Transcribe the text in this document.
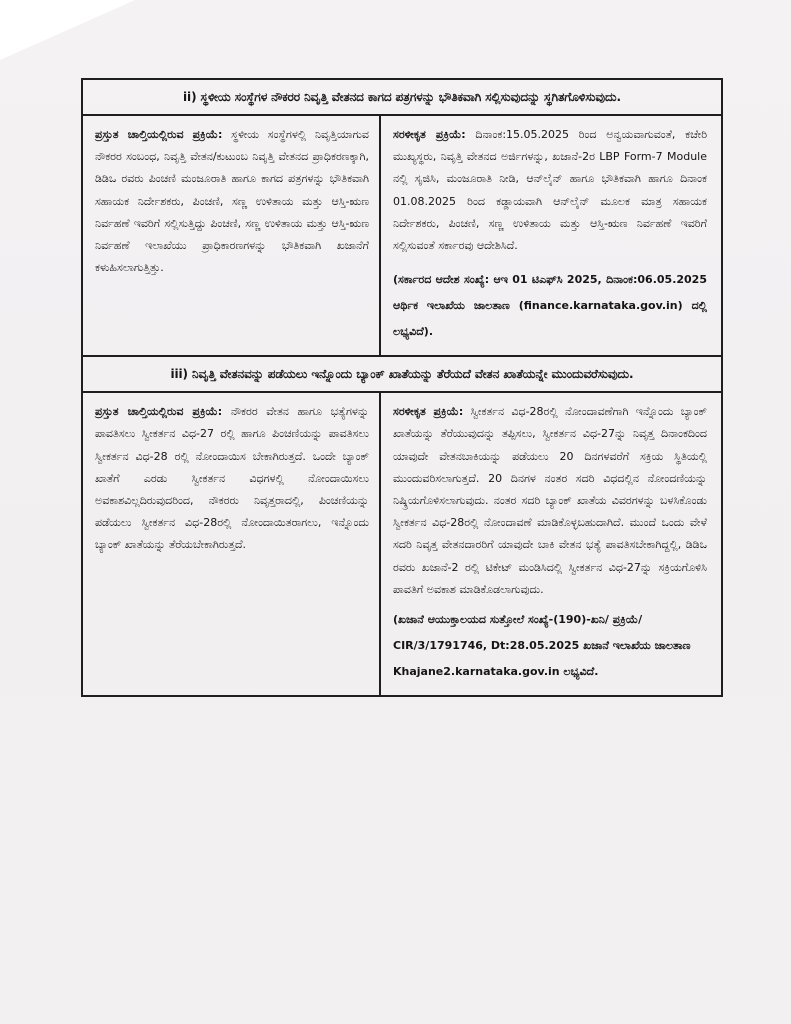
ii) ಸ್ಥಳೀಯ ಸಂಸ್ಥೆಗಳ ನೌಕರರ ನಿವೃತ್ತಿ ವೇತನದ ಕಾಗದ ಪತ್ರಗಳನ್ನು ಭೌತಿಕವಾಗಿ ಸಲ್ಲಿಸುವುದನ್ನು ಸ್ಥಗಿತಗೊಳಿಸುವುದು.
ಪ್ರಸ್ತುತ ಚಾಲ್ತಿಯಲ್ಲಿರುವ ಪ್ರಕ್ರಿಯೆ: ಸ್ಥಳೀಯ ಸಂಸ್ಥೆಗಳಲ್ಲಿ ನಿವೃತ್ತಿಯಾಗುವ ನೌಕರರ ಸಂಬಂಧ, ನಿವೃತ್ತಿ ವೇತನ/ಕುಟುಂಬ ನಿವೃತ್ತಿ ವೇತನದ ಪ್ರಾಧಿಕರಣಕ್ಕಾಗಿ, ಡಿಡಿಒ ರವರು ಪಿಂಚಣಿ ಮಂಜೂರಾತಿ ಹಾಗೂ ಕಾಗದ ಪತ್ರಗಳನ್ನು ಭೌತಿಕವಾಗಿ ಸಹಾಯಕ ನಿರ್ದೇಶಕರು, ಪಿಂಚಣಿ, ಸಣ್ಣ ಉಳಿತಾಯ ಮತ್ತು ಆಸ್ತಿ-ಋಣ ನಿರ್ವಹಣೆ ಇವರಿಗೆ ಸಲ್ಲಿಸುತ್ತಿದ್ದು ಪಿಂಚಣಿ, ಸಣ್ಣ ಉಳಿತಾಯ ಮತ್ತು ಆಸ್ತಿ-ಋಣ ನಿರ್ವಹಣೆ ಇಲಾಖೆಯು ಪ್ರಾಧಿಕಾರಣಗಳನ್ನು ಭೌತಿಕವಾಗಿ ಖಜಾನೆಗೆ ಕಳುಹಿಸಲಾಗುತ್ತಿತ್ತು.
ಸರಳೀಕೃತ ಪ್ರಕ್ರಿಯೆ: ದಿನಾಂಕ:15.05.2025 ರಿಂದ ಅನ್ವಯವಾಗುವಂತೆ, ಕಚೇರಿ ಮುಖ್ಯಸ್ಥರು, ನಿವೃತ್ತಿ ವೇತನದ ಅರ್ಜಿಗಳನ್ನು, ಖಜಾನೆ-2ರ LBP Form-7 Module ನಲ್ಲಿ ಸೃಜಿಸಿ, ಮಂಜೂರಾತಿ ನೀಡಿ, ಆನ್‌ಲೈನ್ ಹಾಗೂ ಭೌತಿಕವಾಗಿ ಹಾಗೂ ದಿನಾಂಕ 01.08.2025 ರಿಂದ ಕಡ್ಡಾಯವಾಗಿ ಆನ್‌ಲೈನ್ ಮೂಲಕ ಮಾತ್ರ ಸಹಾಯಕ ನಿರ್ದೇಶಕರು, ಪಿಂಚಣಿ, ಸಣ್ಣ ಉಳಿತಾಯ ಮತ್ತು ಆಸ್ತಿ-ಋಣ ನಿರ್ವಹಣೆ ಇವರಿಗೆ ಸಲ್ಲಿಸುವಂತೆ ಸರ್ಕಾರವು ಆದೇಶಿಸಿದೆ.
(ಸರ್ಕಾರದ ಆದೇಶ ಸಂಖ್ಯೆ: ಆಇ 01 ಟಿಎಫ್‌ಸಿ 2025, ದಿನಾಂಕ:06.05.2025 ಆರ್ಥಿಕ ಇಲಾಖೆಯ ಜಾಲತಾಣ (finance.karnataka.gov.in) ದಲ್ಲಿ ಲಭ್ಯವಿದೆ).
iii) ನಿವೃತ್ತಿ ವೇತನವನ್ನು ಪಡೆಯಲು ಇನ್ನೊಂದು ಬ್ಯಾಂಕ್ ಖಾತೆಯನ್ನು ತೆರೆಯದೆ ವೇತನ ಖಾತೆಯನ್ನೇ ಮುಂದುವರೆಸುವುದು.
ಪ್ರಸ್ತುತ ಚಾಲ್ತಿಯಲ್ಲಿರುವ ಪ್ರಕ್ರಿಯೆ: ನೌಕರರ ವೇತನ ಹಾಗೂ ಭತ್ಯೆಗಳನ್ನು ಪಾವತಿಸಲು ಸ್ವೀಕರ್ತನ ವಿಧ-27 ರಲ್ಲಿ ಹಾಗೂ ಪಿಂಚಣಿಯನ್ನು ಪಾವತಿಸಲು ಸ್ವೀಕರ್ತನ ವಿಧ-28 ರಲ್ಲಿ ನೋಂದಾಯಿಸ ಬೇಕಾಗಿರುತ್ತದೆ. ಒಂದೇ ಬ್ಯಾಂಕ್ ಖಾತೆಗೆ ಎರಡು ಸ್ವೀಕರ್ತನ ವಿಧಗಳಲ್ಲಿ ನೋಂದಾಯಿಸಲು ಅವಕಾಶವಿಲ್ಲದಿರುವುದರಿಂದ, ನೌಕರರು ನಿವೃತ್ತರಾದಲ್ಲಿ, ಪಿಂಚಣಿಯನ್ನು ಪಡೆಯಲು ಸ್ವೀಕರ್ತನ ವಿಧ-28ರಲ್ಲಿ ನೋಂದಾಯಿತರಾಗಲು, ಇನ್ನೊಂದು ಬ್ಯಾಂಕ್ ಖಾತೆಯನ್ನು ತೆರೆಯಬೇಕಾಗಿರುತ್ತದೆ.
ಸರಳೀಕೃತ ಪ್ರಕ್ರಿಯೆ: ಸ್ವೀಕರ್ತನ ವಿಧ-28ರಲ್ಲಿ ನೋಂದಾವಣೆಗಾಗಿ ಇನ್ನೊಂದು ಬ್ಯಾಂಕ್ ಖಾತೆಯನ್ನು ತೆರೆಯುವುದನ್ನು ತಪ್ಪಿಸಲು, ಸ್ವೀಕರ್ತನ ವಿಧ-27ನ್ನು ನಿವೃತ್ತ ದಿನಾಂಕದಿಂದ ಯಾವುದೇ ವೇತನಬಾಕಿಯನ್ನು ಪಡೆಯಲು 20 ದಿನಗಳವರೆಗೆ ಸಕ್ರಿಯ ಸ್ಥಿತಿಯಲ್ಲಿ ಮುಂದುವರಿಸಲಾಗುತ್ತದೆ. 20 ದಿನಗಳ ನಂತರ ಸದರಿ ವಿಧದಲ್ಲಿನ ನೋಂದಣಿಯನ್ನು ನಿಷ್ಕ್ರಿಯಗೊಳಿಸಲಾಗುವುದು. ನಂತರ ಸದರಿ ಬ್ಯಾಂಕ್ ಖಾತೆಯ ವಿವರಗಳನ್ನು ಬಳಸಿಕೊಂಡು ಸ್ವೀಕರ್ತನ ವಿಧ-28ರಲ್ಲಿ ನೋಂದಾವಣೆ ಮಾಡಿಕೊಳ್ಳಬಹುದಾಗಿದೆ. ಮುಂದೆ ಒಂದು ವೇಳೆ ಸದರಿ ನಿವೃತ್ತ ವೇತನದಾರರಿಗೆ ಯಾವುದೇ ಬಾಕಿ ವೇತನ ಭತ್ಯೆ ಪಾವತಿಸಬೇಕಾಗಿದ್ದಲ್ಲಿ, ಡಿಡಿಒ ರವರು ಖಜಾನೆ-2 ರಲ್ಲಿ ಟಿಕೇಟ್ ಮಂಡಿಸಿದಲ್ಲಿ ಸ್ವೀಕರ್ತನ ವಿಧ-27ನ್ನು ಸಕ್ರಿಯಗೊಳಿಸಿ ಪಾವತಿಗೆ ಅವಕಾಶ ಮಾಡಿಕೊಡಲಾಗುವುದು.
(ಖಜಾನೆ ಆಯುಕ್ತಾಲಯದ ಸುತ್ತೋಲೆ ಸಂಖ್ಯೆ-(190)-ಖನಿ/ ಪ್ರಕ್ರಿಯೆ/ CIR/3/1791746, Dt:28.05.2025 ಖಜಾನೆ ಇಲಾಖೆಯ ಜಾಲತಾಣ Khajane2.karnataka.gov.in ಲಭ್ಯವಿದೆ.
